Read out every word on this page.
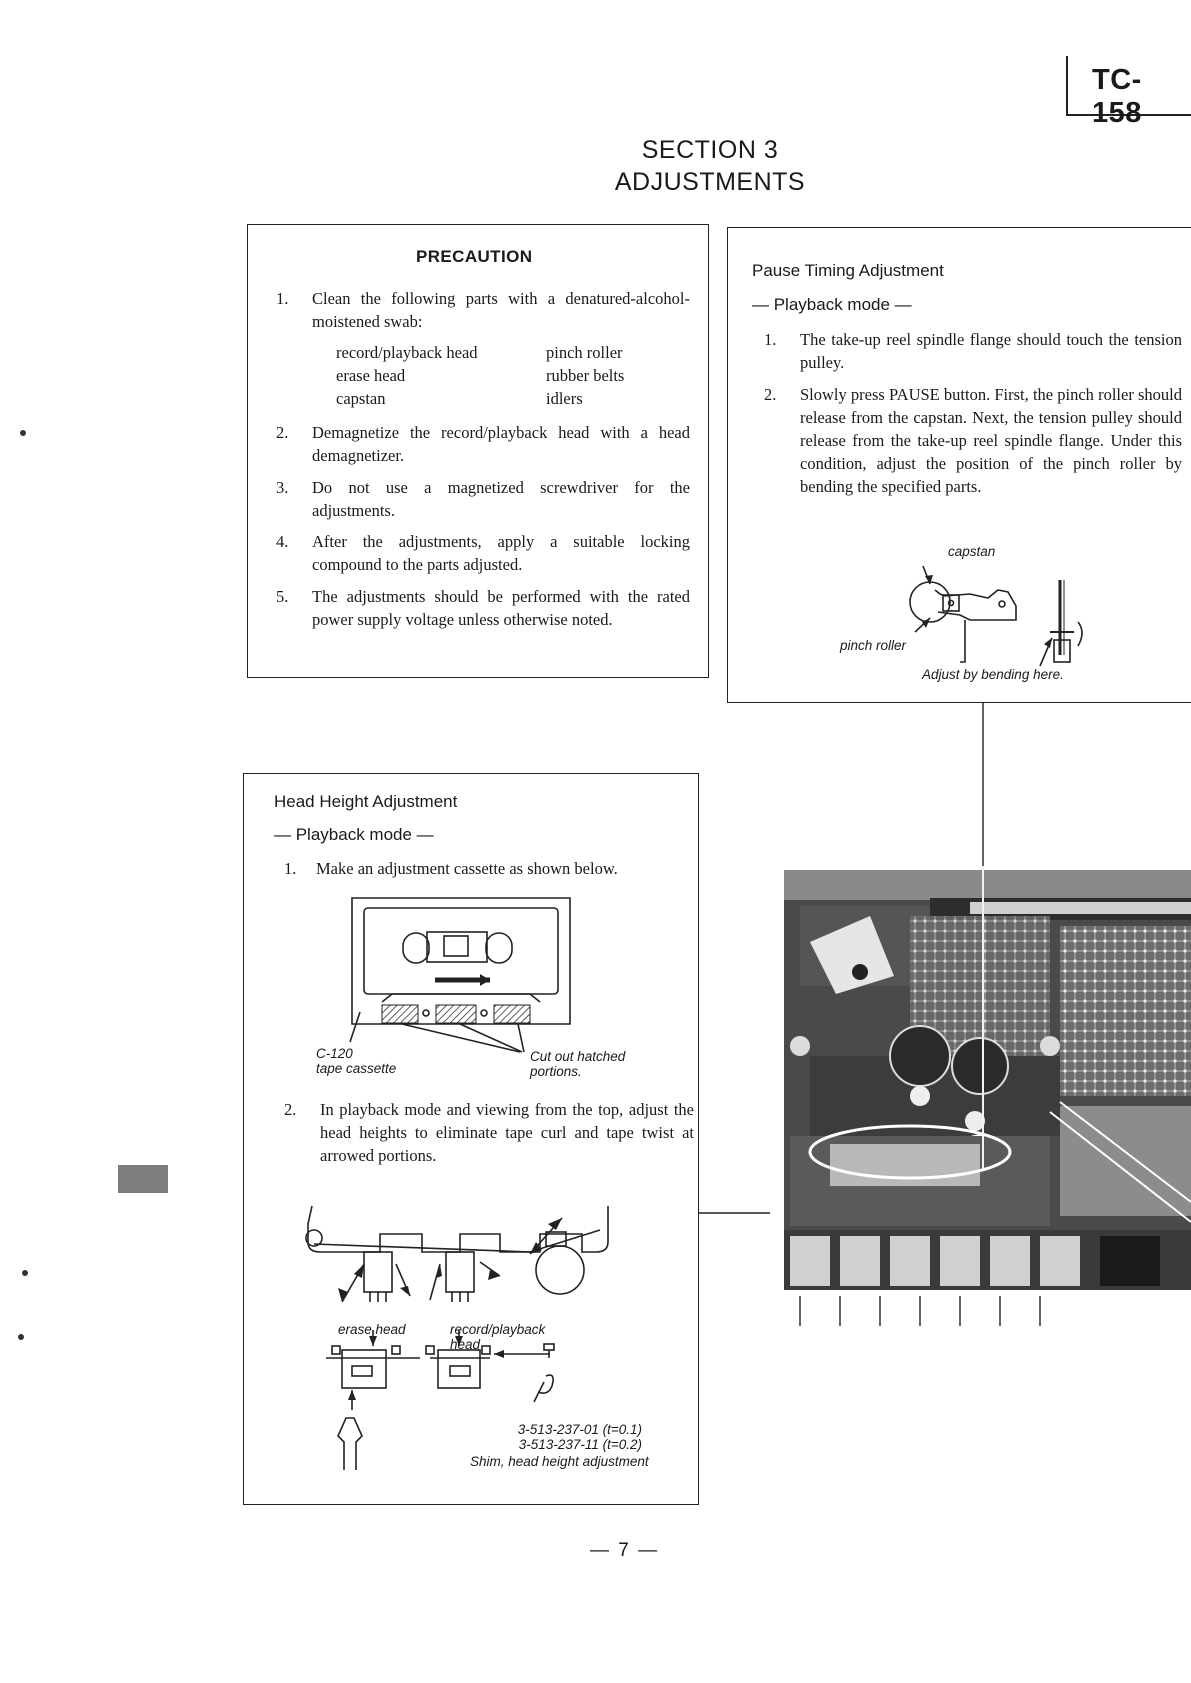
TC-158
SECTION 3
ADJUSTMENTS
PRECAUTION
1. Clean the following parts with a denatured-alcohol-moistened swab:
record/playback head
erase head
capstan
pinch roller
rubber belts
idlers
2. Demagnetize the record/playback head with a head demagnetizer.
3. Do not use a magnetized screwdriver for the adjustments.
4. After the adjustments, apply a suitable locking compound to the parts adjusted.
5. The adjustments should be performed with the rated power supply voltage unless otherwise noted.
Pause Timing Adjustment
— Playback mode —
1. The take-up reel spindle flange should touch the tension pulley.
2. Slowly press PAUSE button. First, the pinch roller should release from the capstan. Next, the tension pulley should release from the take-up reel spindle flange. Under this condition, adjust the position of the pinch roller by bending the specified parts.
capstan
pinch roller
Adjust by bending here.
Head Height Adjustment
— Playback mode —
1. Make an adjustment cassette as shown below.
2. In playback mode and viewing from the top, adjust the head heights to eliminate tape curl and tape twist at arrowed portions.
C-120
tape cassette
Cut out hatched
portions.
erase head	record/playback
head
3-513-237-01 (t=0.1)
3-513-237-11 (t=0.2)
Shim, head height adjustment
— 7 —
